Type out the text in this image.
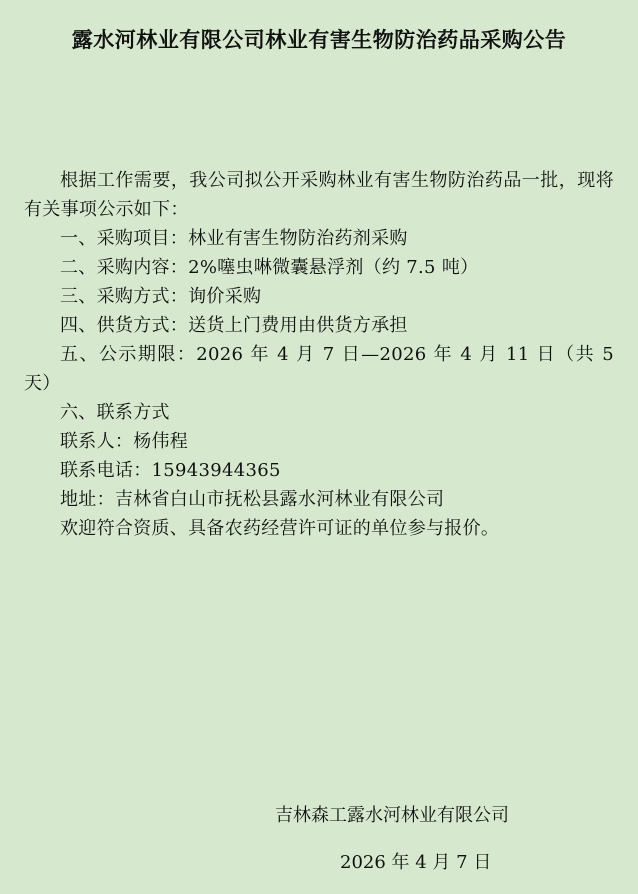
露水河林业有限公司林业有害生物防治药品采购公告

根据工作需要，我公司拟公开采购林业有害生物防治药品一批，现将有关事项公示如下：

一、采购项目：林业有害生物防治药剂采购

二、采购内容：2%噻虫啉微囊悬浮剂（约 7.5 吨）

三、采购方式：询价采购

四、供货方式：送货上门费用由供货方承担

五、公示期限：2026 年 4 月 7 日—2026 年 4 月 11 日（共 5 天）

六、联系方式

联系人：杨伟程

联系电话：15943944365

地址：吉林省白山市抚松县露水河林业有限公司

欢迎符合资质、具备农药经营许可证的单位参与报价。

吉林森工露水河林业有限公司
2026 年 4 月 7 日
